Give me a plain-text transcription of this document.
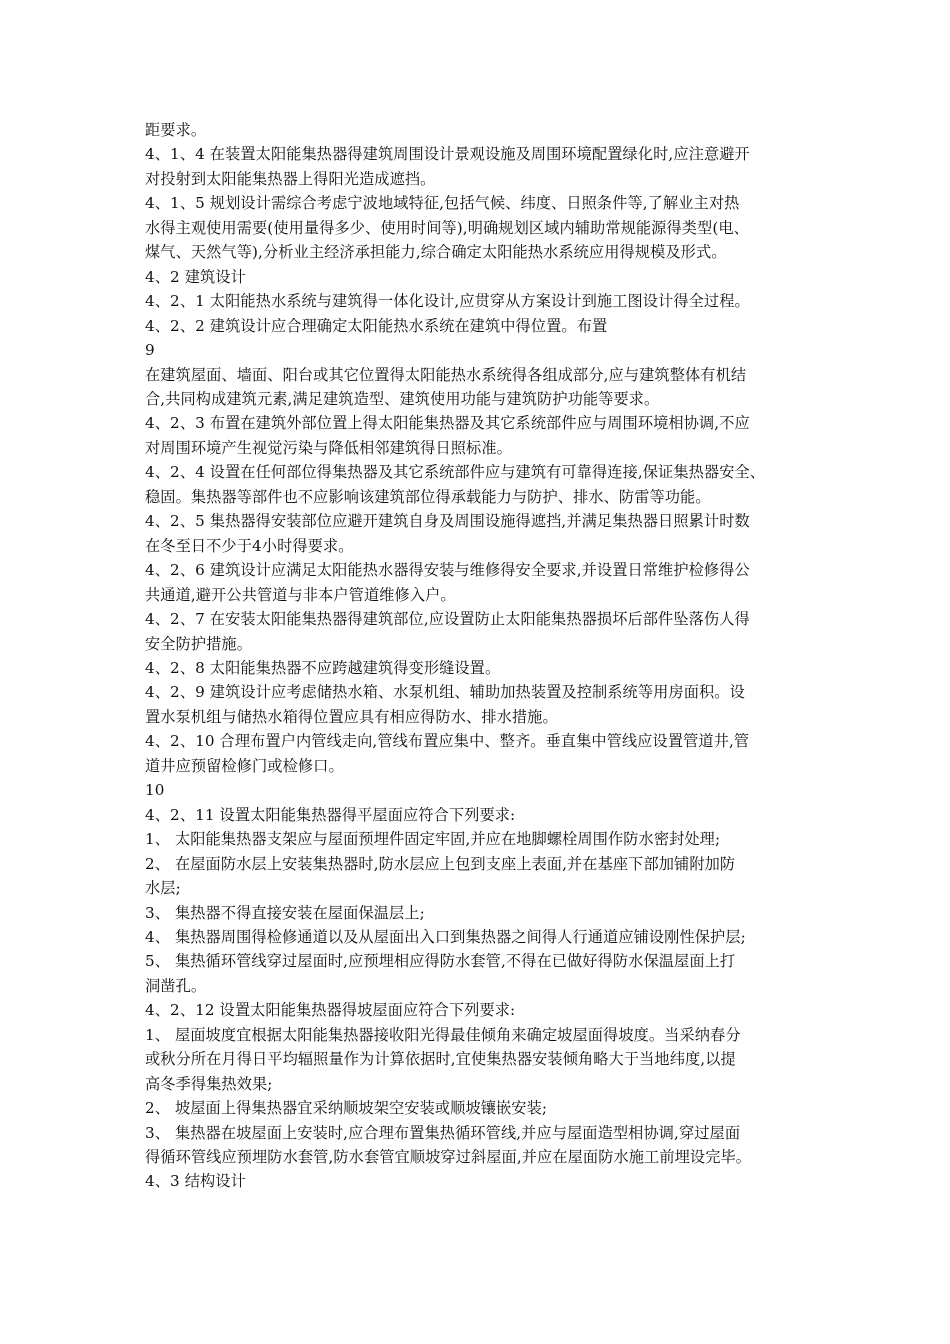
距要求。
4、1、4 在装置太阳能集热器得建筑周围设计景观设施及周围环境配置绿化时,应注意避开
对投射到太阳能集热器上得阳光造成遮挡。
4、1、5 规划设计需综合考虑宁波地域特征,包括气候、纬度、日照条件等,了解业主对热
水得主观使用需要(使用量得多少、使用时间等),明确规划区域内辅助常规能源得类型(电、
煤气、天然气等),分析业主经济承担能力,综合确定太阳能热水系统应用得规模及形式。
4、2 建筑设计
4、2、1 太阳能热水系统与建筑得一体化设计,应贯穿从方案设计到施工图设计得全过程。
4、2、2 建筑设计应合理确定太阳能热水系统在建筑中得位置。布置
9
在建筑屋面、墙面、阳台或其它位置得太阳能热水系统得各组成部分,应与建筑整体有机结
合,共同构成建筑元素,满足建筑造型、建筑使用功能与建筑防护功能等要求。
4、2、3 布置在建筑外部位置上得太阳能集热器及其它系统部件应与周围环境相协调,不应
对周围环境产生视觉污染与降低相邻建筑得日照标准。
4、2、4 设置在任何部位得集热器及其它系统部件应与建筑有可靠得连接,保证集热器安全、
稳固。集热器等部件也不应影响该建筑部位得承载能力与防护、排水、防雷等功能。
4、2、5 集热器得安装部位应避开建筑自身及周围设施得遮挡,并满足集热器日照累计时数
在冬至日不少于4小时得要求。
4、2、6 建筑设计应满足太阳能热水器得安装与维修得安全要求,并设置日常维护检修得公
共通道,避开公共管道与非本户管道维修入户。
4、2、7 在安装太阳能集热器得建筑部位,应设置防止太阳能集热器损坏后部件坠落伤人得
安全防护措施。
4、2、8 太阳能集热器不应跨越建筑得变形缝设置。
4、2、9 建筑设计应考虑储热水箱、水泵机组、辅助加热装置及控制系统等用房面积。设
置水泵机组与储热水箱得位置应具有相应得防水、排水措施。
4、2、10 合理布置户内管线走向,管线布置应集中、整齐。垂直集中管线应设置管道井,管
道井应预留检修门或检修口。
10
4、2、11 设置太阳能集热器得平屋面应符合下列要求:
1、 太阳能集热器支架应与屋面预埋件固定牢固,并应在地脚螺栓周围作防水密封处理;
2、 在屋面防水层上安装集热器时,防水层应上包到支座上表面,并在基座下部加铺附加防
水层;
3、 集热器不得直接安装在屋面保温层上;
4、 集热器周围得检修通道以及从屋面出入口到集热器之间得人行通道应铺设刚性保护层;
5、 集热循环管线穿过屋面时,应预埋相应得防水套管,不得在已做好得防水保温屋面上打
洞凿孔。
4、2、12 设置太阳能集热器得坡屋面应符合下列要求:
1、 屋面坡度宜根据太阳能集热器接收阳光得最佳倾角来确定坡屋面得坡度。当采纳春分
或秋分所在月得日平均辐照量作为计算依据时,宜使集热器安装倾角略大于当地纬度,以提
高冬季得集热效果;
2、 坡屋面上得集热器宜采纳顺坡架空安装或顺坡镶嵌安装;
3、 集热器在坡屋面上安装时,应合理布置集热循环管线,并应与屋面造型相协调,穿过屋面
得循环管线应预埋防水套管,防水套管宜顺坡穿过斜屋面,并应在屋面防水施工前埋设完毕。
4、3 结构设计
